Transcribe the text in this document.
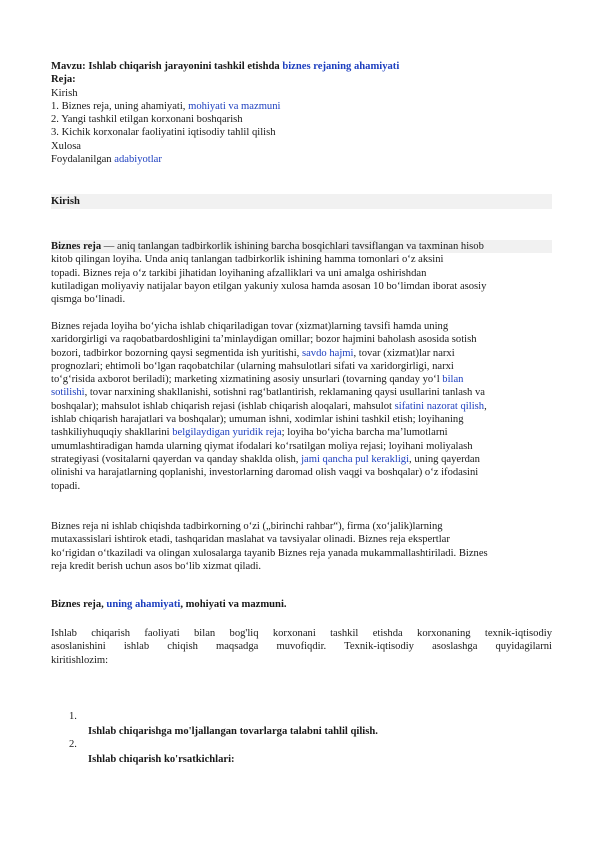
Mavzu: Ishlab chiqarish jarayonini tashkil etishda biznes rejaning ahamiyati
Reja:
Kirish
1. Biznes reja, uning ahamiyati, mohiyati va mazmuni
2. Yangi tashkil etilgan korxonani boshqarish
3. Kichik korxonalar faoliyatini iqtisodiy tahlil qilish
Xulosa
Foydalanilgan adabiyotlar
Kirish
Biznes reja — aniq tanlangan tadbirkorlik ishining barcha bosqichlari tavsiflangan va taxminan hisob
kitob qilingan loyiha. Unda aniq tanlangan tadbirkorlik ishining hamma tomonlari o‘z aksini
topadi. Biznes reja o‘z tarkibi jihatidan loyihaning afzalliklari va uni amalga oshirishdan
kutiladigan moliyaviy natijalar bayon etilgan yakuniy xulosa hamda asosan 10 bo‘limdan iborat asosiy
qismga bo‘linadi.
Biznes rejada loyiha bo‘yicha ishlab chiqariladigan tovar (xizmat)larning tavsifi hamda uning
xaridorgirligi va raqobatbardoshligini ta’minlaydigan omillar; bozor hajmini baholash asosida sotish
bozori, tadbirkor bozorning qaysi segmentida ish yuritishi, savdo hajmi, tovar (xizmat)lar narxi
prognozlari; ehtimoli bo‘lgan raqobatchilar (ularning mahsulotlari sifati va xaridorgirligi, narxi
to‘g‘risida axborot beriladi); marketing xizmatining asosiy unsurlari (tovarning qanday yo‘l bilan
sotilishi, tovar narxining shakllanishi, sotishni rag‘batlantirish, reklamaning qaysi usullarini tanlash va
boshqalar); mahsulot ishlab chiqarish rejasi (ishlab chiqarish aloqalari, mahsulot sifatini nazorat qilish,
ishlab chiqarish harajatlari va boshqalar); umuman ishni, xodimlar ishini tashkil etish; loyihaning
tashkiliyhuquqiy shakllarini belgilaydigan yuridik reja; loyiha bo‘yicha barcha ma’lumotlarni
umumlashtiradigan hamda ularning qiymat ifodalari ko‘rsatilgan moliya rejasi; loyihani moliyalash
strategiyasi (vositalarni qayerdan va qanday shaklda olish, jami qancha pul kerakligi, uning qayerdan
olinishi va harajatlarning qoplanishi, investorlarning daromad olish vaqgi va boshqalar) o‘z ifodasini
topadi.
Biznes reja ni ishlab chiqishda tadbirkorning o‘zi („birinchi rahbar“), firma (xo‘jalik)larning
mutaxassislari ishtirok etadi, tashqaridan maslahat va tavsiyalar olinadi. Biznes reja ekspertlar
ko‘rigidan o‘tkaziladi va olingan xulosalarga tayanib Biznes reja yanada mukammallashtiriladi. Biznes
reja kredit berish uchun asos bo‘lib xizmat qiladi.
Biznes reja, uning ahamiyati, mohiyati va mazmuni.
Ishlab chiqarish faoliyati bilan bog'liq korxonani tashkil etishda korxonaning texnik-iqtisodiy
asoslanishini ishlab chiqish maqsadga muvofiqdir. Texnik-iqtisodiy asoslashga quyidagilarni
kiritishlozim:
1.
Ishlab chiqarishga mo'ljallangan tovarlarga talabni tahlil qilish.
2.
Ishlab chiqarish ko'rsatkichlari:
